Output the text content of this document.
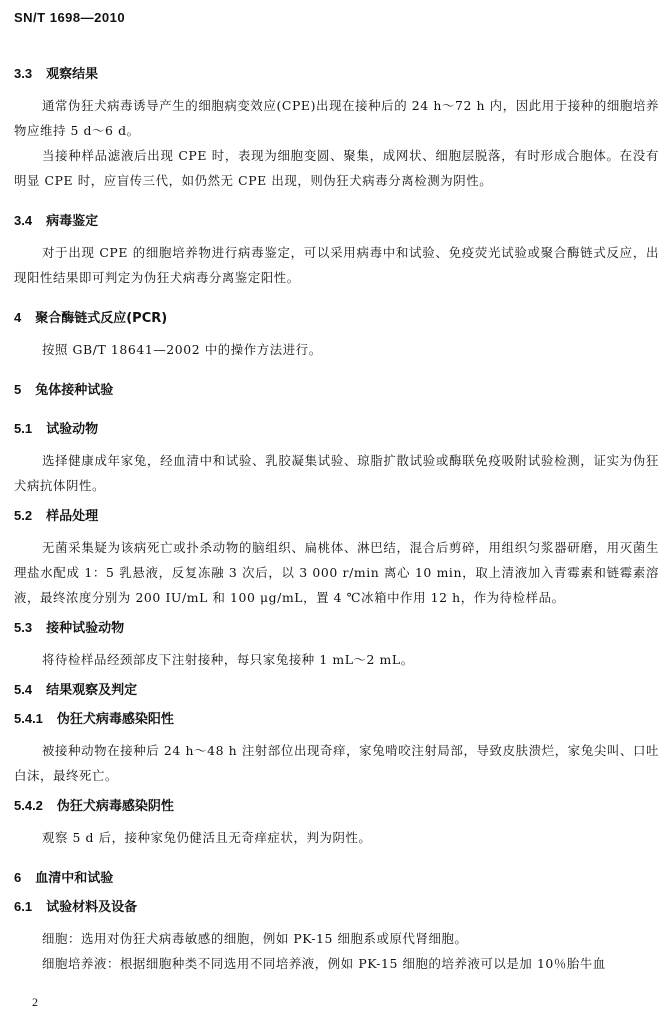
SN/T 1698—2010
3.3 观察结果

通常伪狂犬病毒诱导产生的细胞病变效应(CPE)出现在接种后的 24 h～72 h 内，因此用于接种的细胞培养物应维持 5 d～6 d。

当接种样品滤液后出现 CPE 时，表现为细胞变圆、聚集，成网状、细胞层脱落，有时形成合胞体。在没有明显 CPE 时，应盲传三代，如仍然无 CPE 出现，则伪狂犬病毒分离检测为阴性。

3.4 病毒鉴定

对于出现 CPE 的细胞培养物进行病毒鉴定，可以采用病毒中和试验、免疫荧光试验或聚合酶链式反应，出现阳性结果即可判定为伪狂犬病毒分离鉴定阳性。

4 聚合酶链式反应(PCR)

按照 GB/T 18641—2002 中的操作方法进行。

5 兔体接种试验
5.1 试验动物

选择健康成年家兔，经血清中和试验、乳胶凝集试验、琼脂扩散试验或酶联免疫吸附试验检测，证实为伪狂犬病抗体阴性。

5.2 样品处理

无菌采集疑为该病死亡或扑杀动物的脑组织、扁桃体、淋巴结，混合后剪碎，用组织匀浆器研磨，用灭菌生理盐水配成 1：5 乳悬液，反复冻融 3 次后，以 3 000 r/min 离心 10 min，取上清液加入青霉素和链霉素溶液，最终浓度分别为 200 IU/mL 和 100 μg/mL，置 4 ℃冰箱中作用 12 h，作为待检样品。

5.3 接种试验动物

将待检样品经颈部皮下注射接种，每只家兔接种 1 mL～2 mL。

5.4 结果观察及判定
5.4.1 伪狂犬病毒感染阳性

被接种动物在接种后 24 h～48 h 注射部位出现奇痒，家兔啃咬注射局部，导致皮肤溃烂，家兔尖叫、口吐白沫，最终死亡。

5.4.2 伪狂犬病毒感染阴性

观察 5 d 后，接种家兔仍健活且无奇痒症状，判为阴性。

6 血清中和试验
6.1 试验材料及设备

细胞：选用对伪狂犬病毒敏感的细胞，例如 PK-15 细胞系或原代肾细胞。

细胞培养液：根据细胞种类不同选用不同培养液，例如 PK-15 细胞的培养液可以是加 10％胎牛血

2
